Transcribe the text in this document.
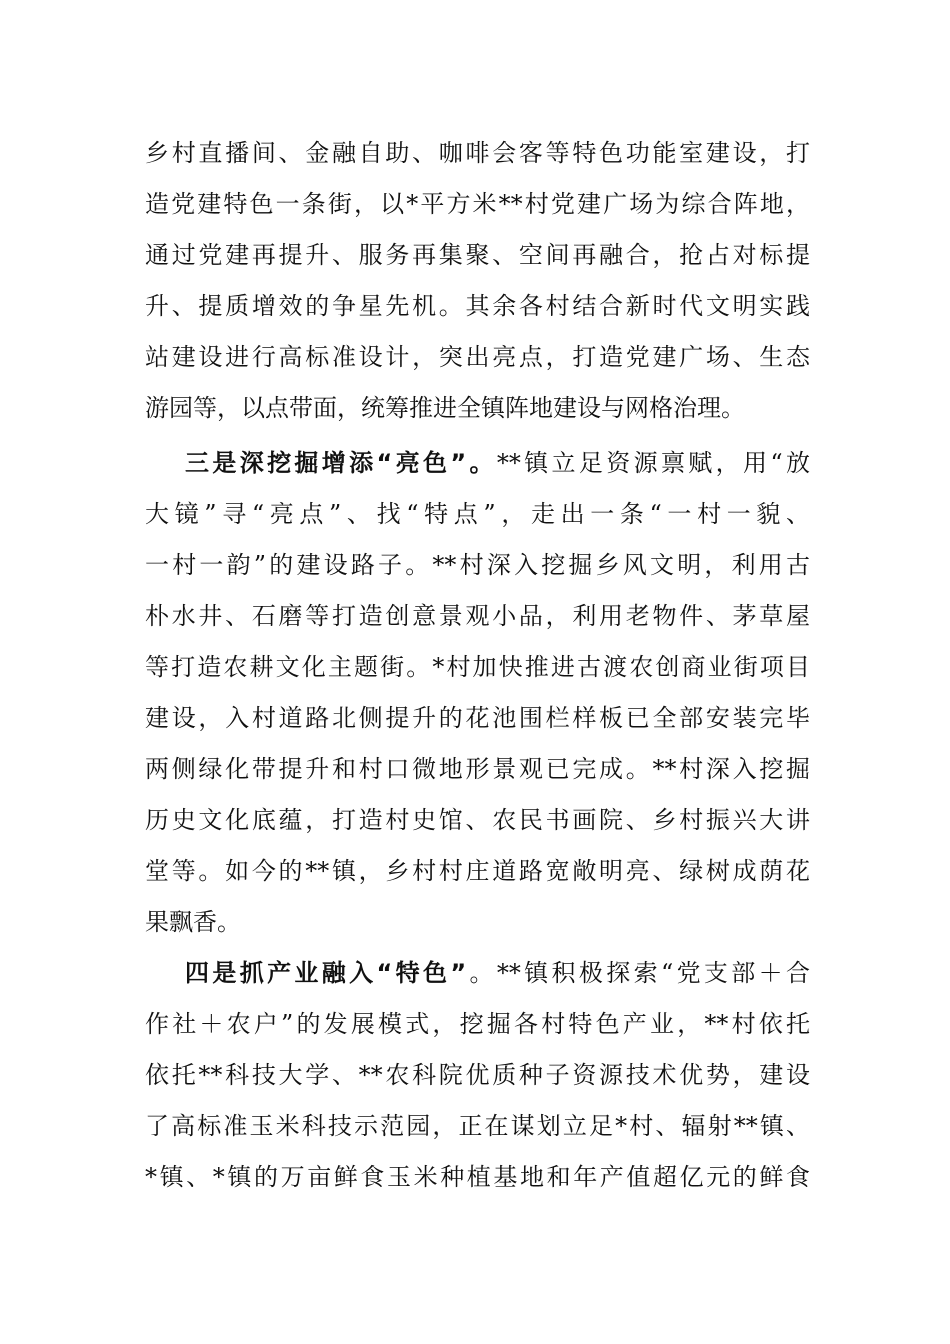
乡村直播间、金融自助、咖啡会客等特色功能室建设，打
造党建特色一条街，以*平方米**村党建广场为综合阵地，
通过党建再提升、服务再集聚、空间再融合，抢占对标提
升、提质增效的争星先机。其余各村结合新时代文明实践
站建设进行高标准设计，突出亮点，打造党建广场、生态
游园等，以点带面，统筹推进全镇阵地建设与网格治理。
三是深挖掘增添“亮色”。**镇立足资源禀赋，用“放
大镜”寻“亮点”、找“特点”，走出一条“一村一貌、
一村一韵”的建设路子。**村深入挖掘乡风文明，利用古
朴水井、石磨等打造创意景观小品，利用老物件、茅草屋
等打造农耕文化主题街。*村加快推进古渡农创商业街项目
建设，入村道路北侧提升的花池围栏样板已全部安装完毕
两侧绿化带提升和村口微地形景观已完成。**村深入挖掘
历史文化底蕴，打造村史馆、农民书画院、乡村振兴大讲
堂等。如今的**镇，乡村村庄道路宽敞明亮、绿树成荫花
果飘香。
四是抓产业融入“特色”。**镇积极探索“党支部＋合
作社＋农户”的发展模式，挖掘各村特色产业，**村依托
依托**科技大学、**农科院优质种子资源技术优势，建设
了高标准玉米科技示范园，正在谋划立足*村、辐射**镇、
*镇、*镇的万亩鲜食玉米种植基地和年产值超亿元的鲜食
